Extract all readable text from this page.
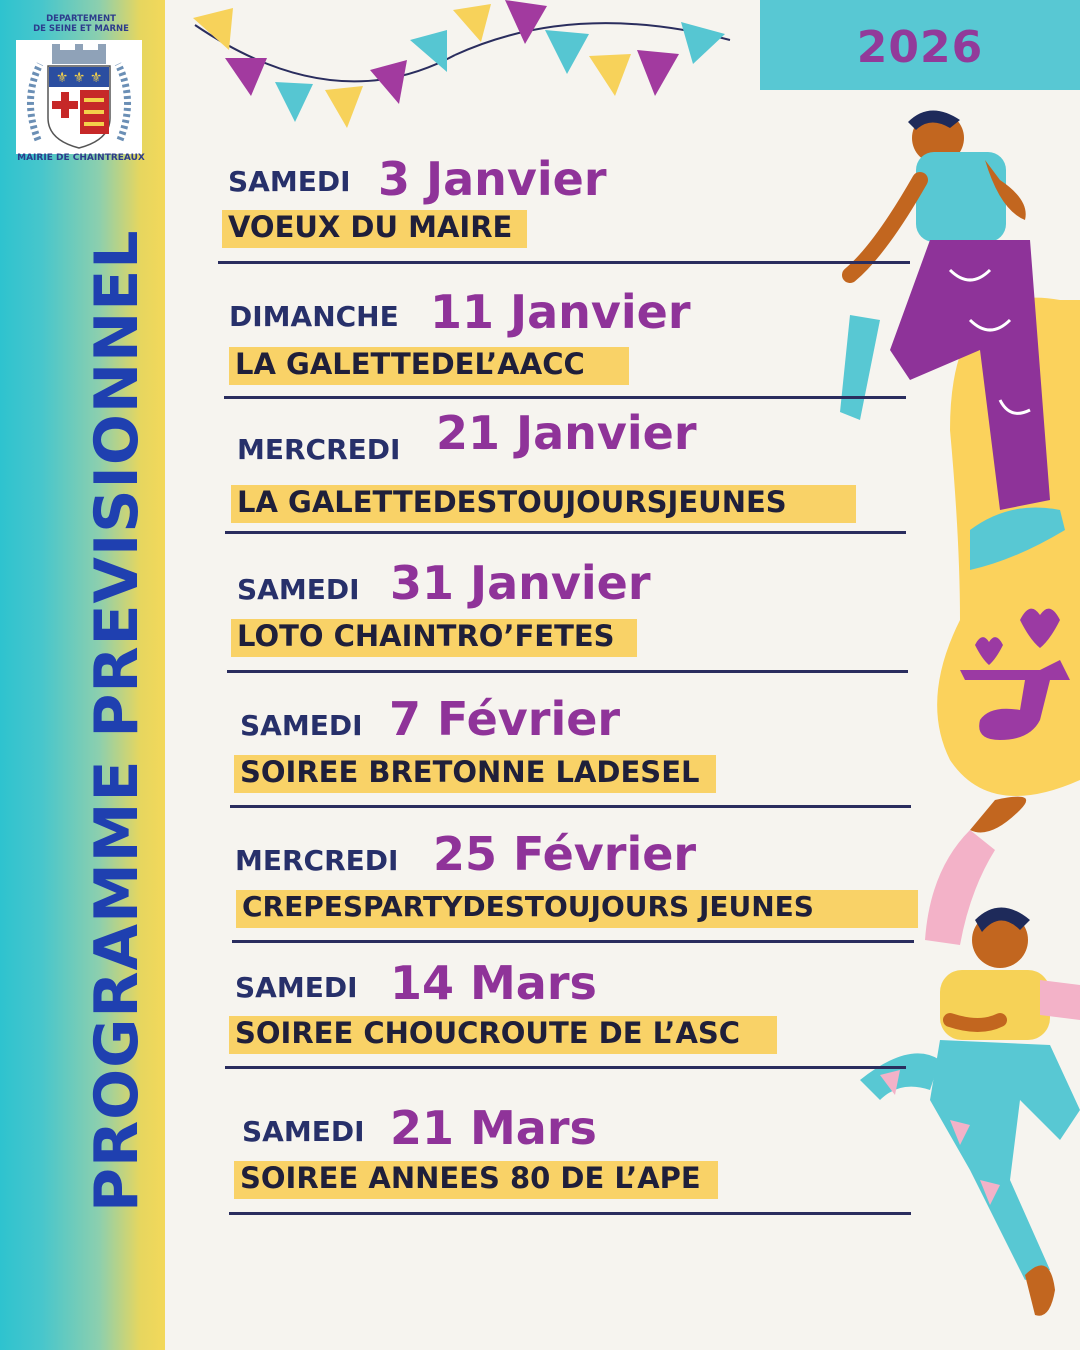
PROGRAMME PREVISIONNEL
DEPARTEMENT
DE SEINE ET MARNE
⚜ ⚜ ⚜
MAIRIE DE CHAINTREAUX
2026
SAMEDI 3 Janvier
VOEUX DU MAIRE
DIMANCHE 11 Janvier
LA GALETTEDEL’AACC
MERCREDI 21 Janvier
LA GALETTEDESTOUJOURSJEUNES
SAMEDI 31 Janvier
LOTO CHAINTRO’FETES
SAMEDI 7 Février
SOIREE BRETONNE LADESEL
MERCREDI 25 Février
CREPESPARTYDESTOUJOURS JEUNES
SAMEDI 14 Mars
SOIREE CHOUCROUTE DE L’ASC
SAMEDI 21 Mars
SOIREE ANNEES 80 DE L’APE
